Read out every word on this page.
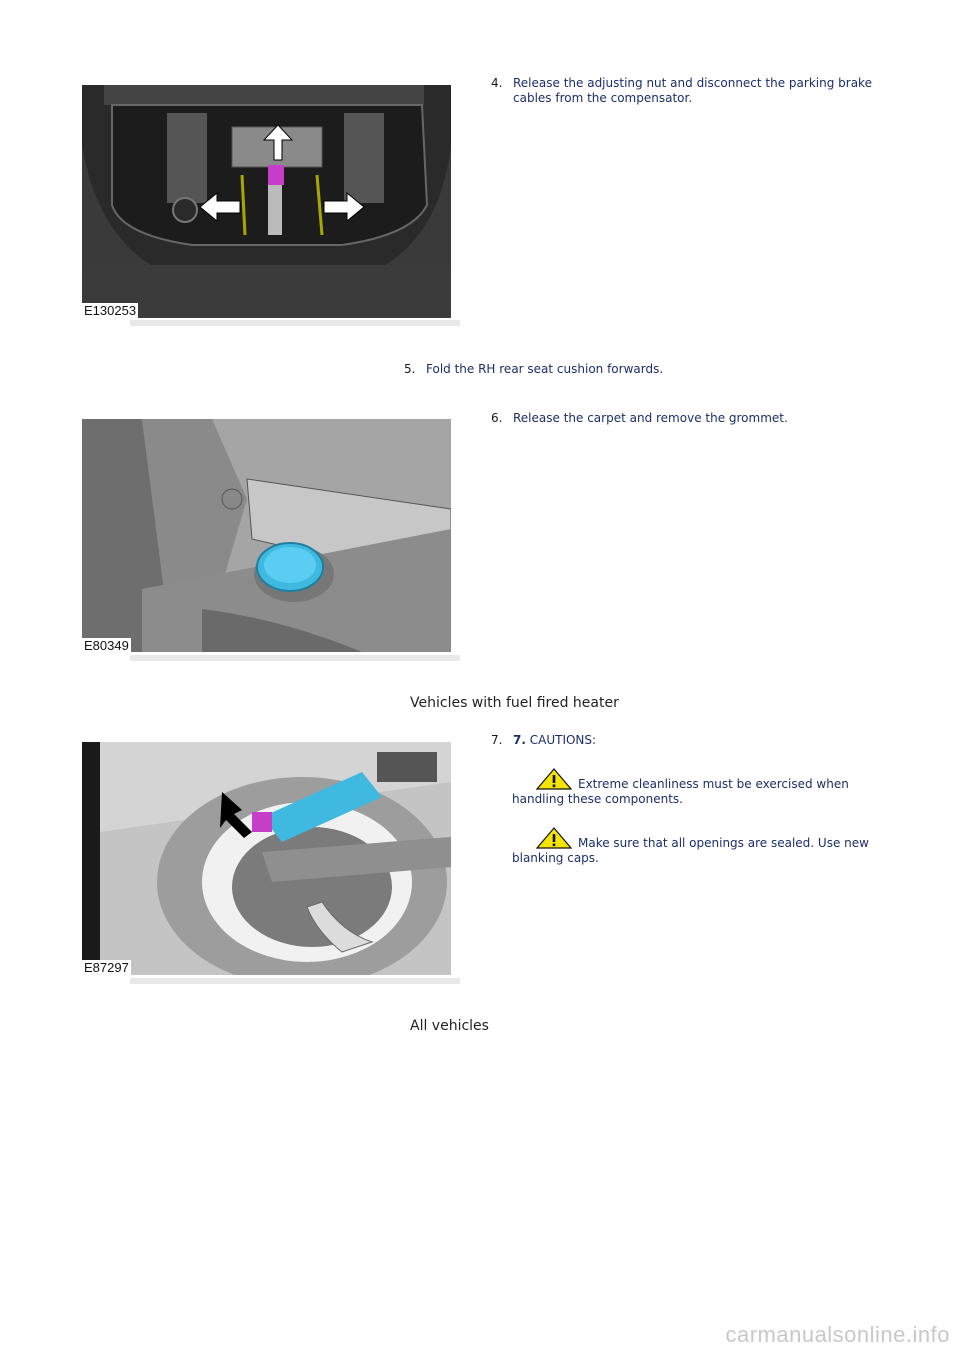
E130253
4. Release the adjusting nut and disconnect the parking brake cables from the compensator.
5. Fold the RH rear seat cushion forwards.
E80349
6. Release the carpet and remove the grommet.
Vehicles with fuel fired heater
E87297
7. 7. CAUTIONS:
Extreme cleanliness must be exercised when handling these components.
Make sure that all openings are sealed. Use new blanking caps.
All vehicles
carmanualsonline.info
